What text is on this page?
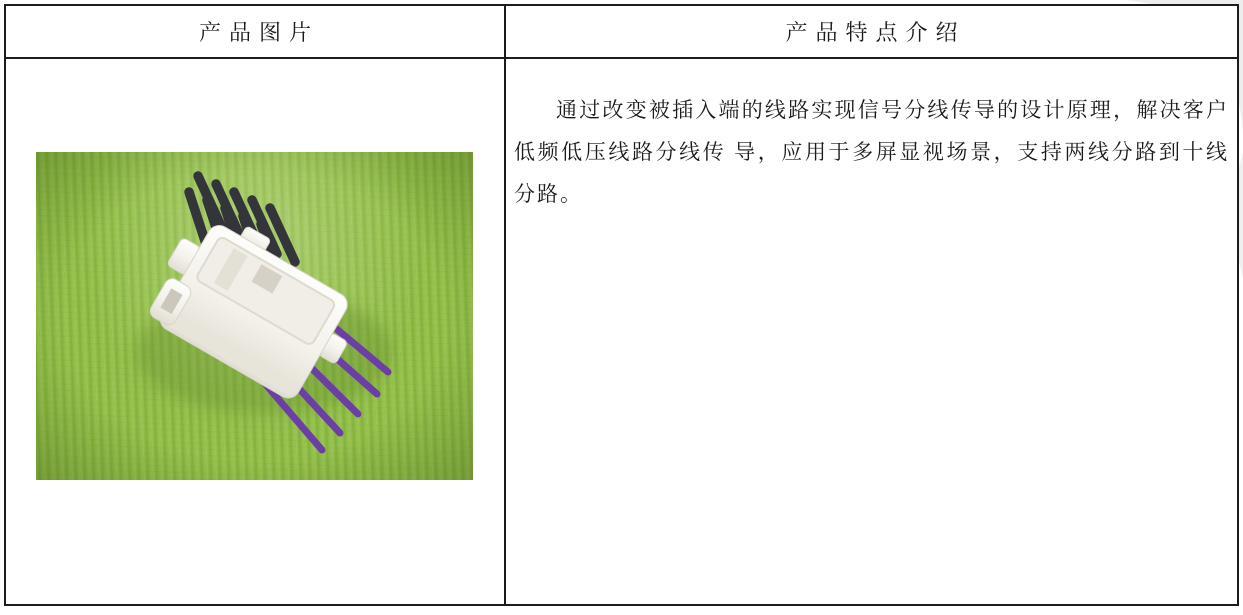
产品图片	产品特点介绍

通过改变被插入端的线路实现信号分线传导的设计原理，解决客户低频低压线路分线传 导，应用于多屏显视场景，支持两线分路到十线分路。
